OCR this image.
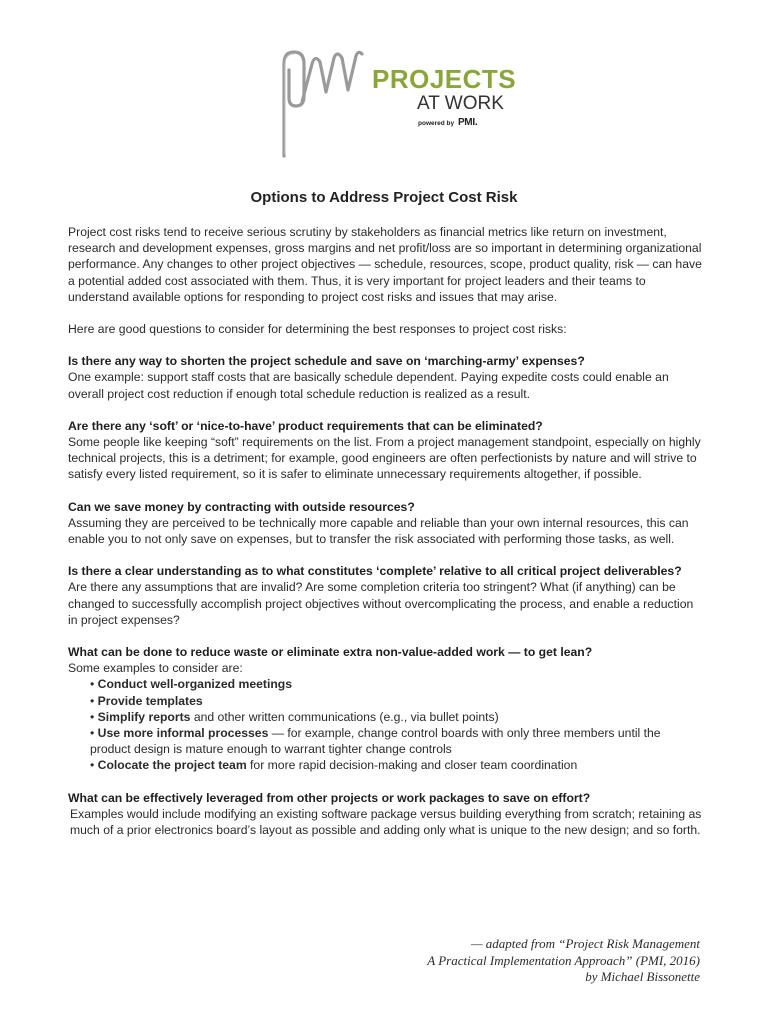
PROJECTS
AT WORK
powered by PMI.
Options to Address Project Cost Risk

Project cost risks tend to receive serious scrutiny by stakeholders as financial metrics like return on investment, research and development expenses, gross margins and net profit/loss are so important in determining organizational performance. Any changes to other project objectives — schedule, resources, scope, product quality, risk — can have a potential added cost associated with them. Thus, it is very important for project leaders and their teams to understand available options for responding to project cost risks and issues that may arise.

Here are good questions to consider for determining the best responses to project cost risks:

Is there any way to shorten the project schedule and save on ‘marching-army’ expenses?

One example: support staff costs that are basically schedule dependent. Paying expedite costs could enable an overall project cost reduction if enough total schedule reduction is realized as a result.

Are there any ‘soft’ or ‘nice-to-have’ product requirements that can be eliminated?

Some people like keeping “soft” requirements on the list. From a project management standpoint, especially on highly technical projects, this is a detriment; for example, good engineers are often perfectionists by nature and will strive to satisfy every listed requirement, so it is safer to eliminate unnecessary requirements altogether, if possible.

Can we save money by contracting with outside resources?

Assuming they are perceived to be technically more capable and reliable than your own internal resources, this can enable you to not only save on expenses, but to transfer the risk associated with performing those tasks, as well.

Is there a clear understanding as to what constitutes ‘complete’ relative to all critical project deliverables?

Are there any assumptions that are invalid? Are some completion criteria too stringent? What (if anything) can be changed to successfully accomplish project objectives without overcomplicating the process, and enable a reduction in project expenses?

What can be done to reduce waste or eliminate extra non-value-added work — to get lean?

Some examples to consider are:

• Conduct well-organized meetings
• Provide templates
• Simplify reports and other written communications (e.g., via bullet points)
• Use more informal processes — for example, change control boards with only three members until the product design is mature enough to warrant tighter change controls
• Colocate the project team for more rapid decision-making and closer team coordination

What can be effectively leveraged from other projects or work packages to save on effort?

Examples would include modifying an existing software package versus building everything from scratch; retaining as much of a prior electronics board’s layout as possible and adding only what is unique to the new design; and so forth.

— adapted from “Project Risk Management
A Practical Implementation Approach” (PMI, 2016)
by Michael Bissonette
